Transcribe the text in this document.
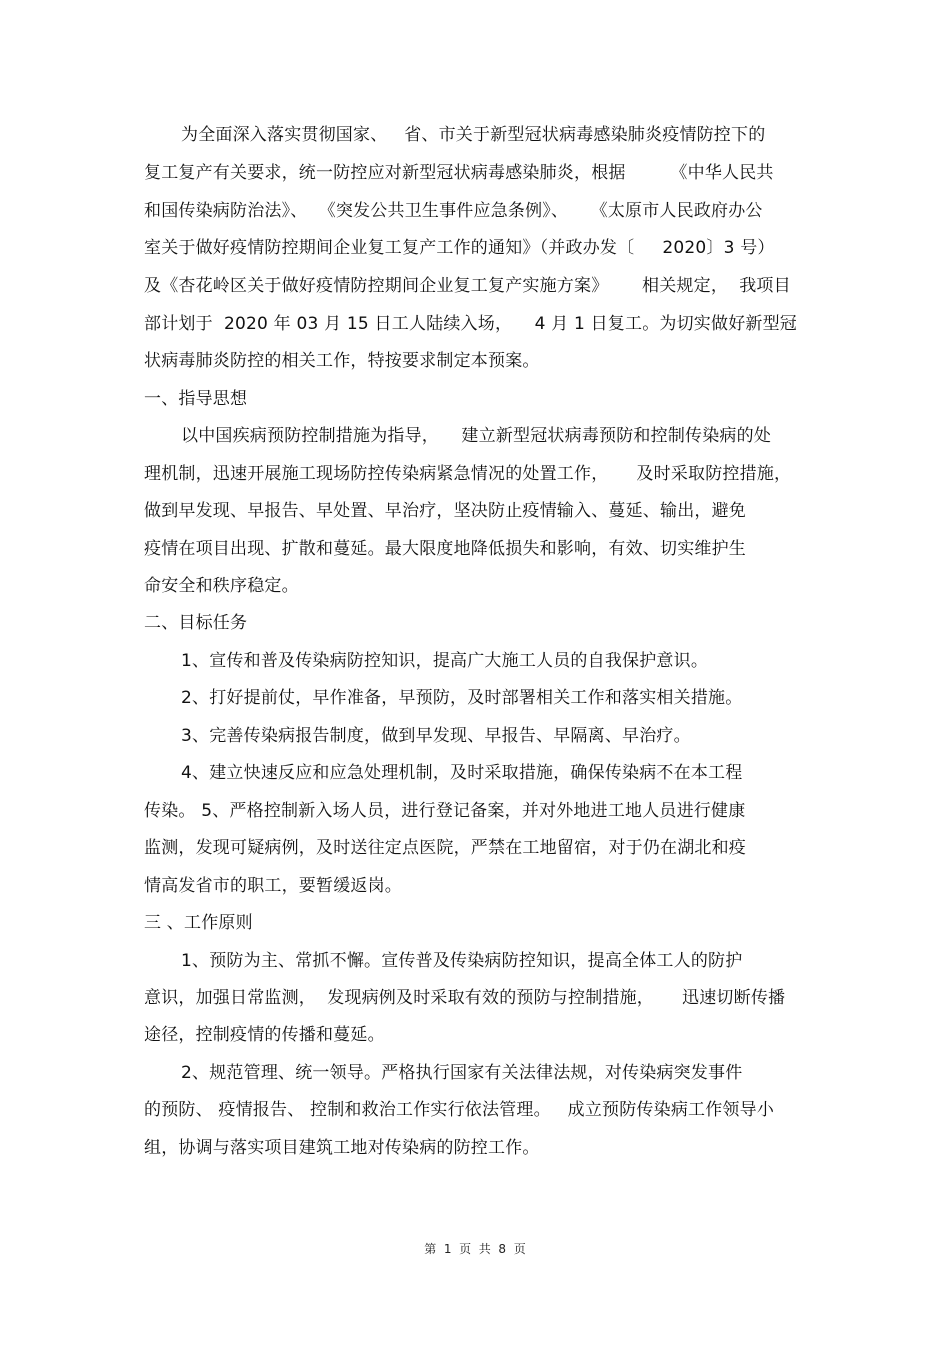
为全面深入落实贯彻国家、   省、市关于新型冠状病毒感染肺炎疫情防控下的
复工复产有关要求，统一防控应对新型冠状病毒感染肺炎，根据        《中华人民共
和国传染病防治法》、  《突发公共卫生事件应急条例》、    《太原市人民政府办公
室关于做好疫情防控期间企业复工复产工作的通知》（并政办发〔     2020〕3 号）
及《杏花岭区关于做好疫情防控期间企业复工复产实施方案》      相关规定，  我项目
部计划于  2020 年 03 月 15 日工人陆续入场，    4 月 1 日复工。为切实做好新型冠
状病毒肺炎防控的相关工作，特按要求制定本预案。
一、指导思想
以中国疾病预防控制措施为指导，    建立新型冠状病毒预防和控制传染病的处
理机制，迅速开展施工现场防控传染病紧急情况的处置工作，     及时采取防控措施，
做到早发现、早报告、早处置、早治疗，坚决防止疫情输入、蔓延、输出，避免
疫情在项目出现、扩散和蔓延。最大限度地降低损失和影响，有效、切实维护生
命安全和秩序稳定。
二、目标任务
1、宣传和普及传染病防控知识，提高广大施工人员的自我保护意识。
2、打好提前仗，早作准备，早预防，及时部署相关工作和落实相关措施。
3、完善传染病报告制度，做到早发现、早报告、早隔离、早治疗。
4、建立快速反应和应急处理机制，及时采取措施，确保传染病不在本工程
传染。 5、严格控制新入场人员，进行登记备案，并对外地进工地人员进行健康
监测，发现可疑病例，及时送往定点医院，严禁在工地留宿，对于仍在湖北和疫
情高发省市的职工，要暂缓返岗。
三 、工作原则
1、预防为主、常抓不懈。宣传普及传染病防控知识，提高全体工人的防护
意识，加强日常监测，  发现病例及时采取有效的预防与控制措施，     迅速切断传播
途径，控制疫情的传播和蔓延。
2、规范管理、统一领导。严格执行国家有关法律法规，对传染病突发事件
的预防、 疫情报告、 控制和救治工作实行依法管理。   成立预防传染病工作领导小
组，协调与落实项目建筑工地对传染病的防控工作。
第  1  页  共  8  页
